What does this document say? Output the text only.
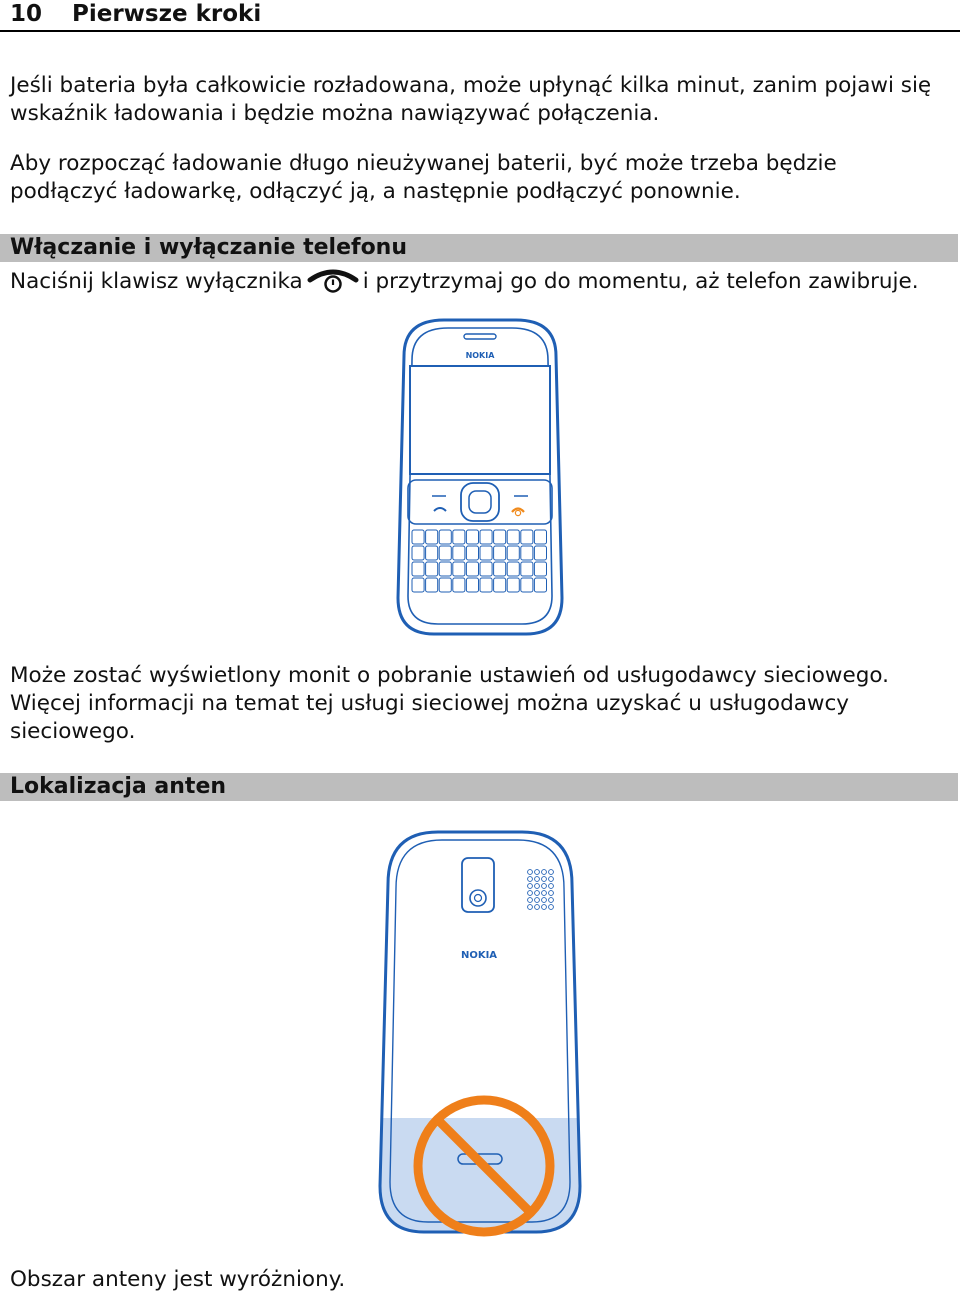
10 Pierwsze kroki

Jeśli bateria była całkowicie rozładowana, może upłynąć kilka minut, zanim pojawi się
wskaźnik ładowania i będzie można nawiązywać połączenia.

Aby rozpocząć ładowanie długo nieużywanej baterii, być może trzeba będzie
podłączyć ładowarkę, odłączyć ją, a następnie podłączyć ponownie.

Włączanie i wyłączanie telefonu

Naciśnij klawisz wyłącznika	i przytrzymaj go do momentu, aż telefon zawibruje.

NOKIA

Może zostać wyświetlony monit o pobranie ustawień od usługodawcy sieciowego.
Więcej informacji na temat tej usługi sieciowej można uzyskać u usługodawcy
sieciowego.

Lokalizacja anten
NOKIA

Obszar anteny jest wyróżniony.
